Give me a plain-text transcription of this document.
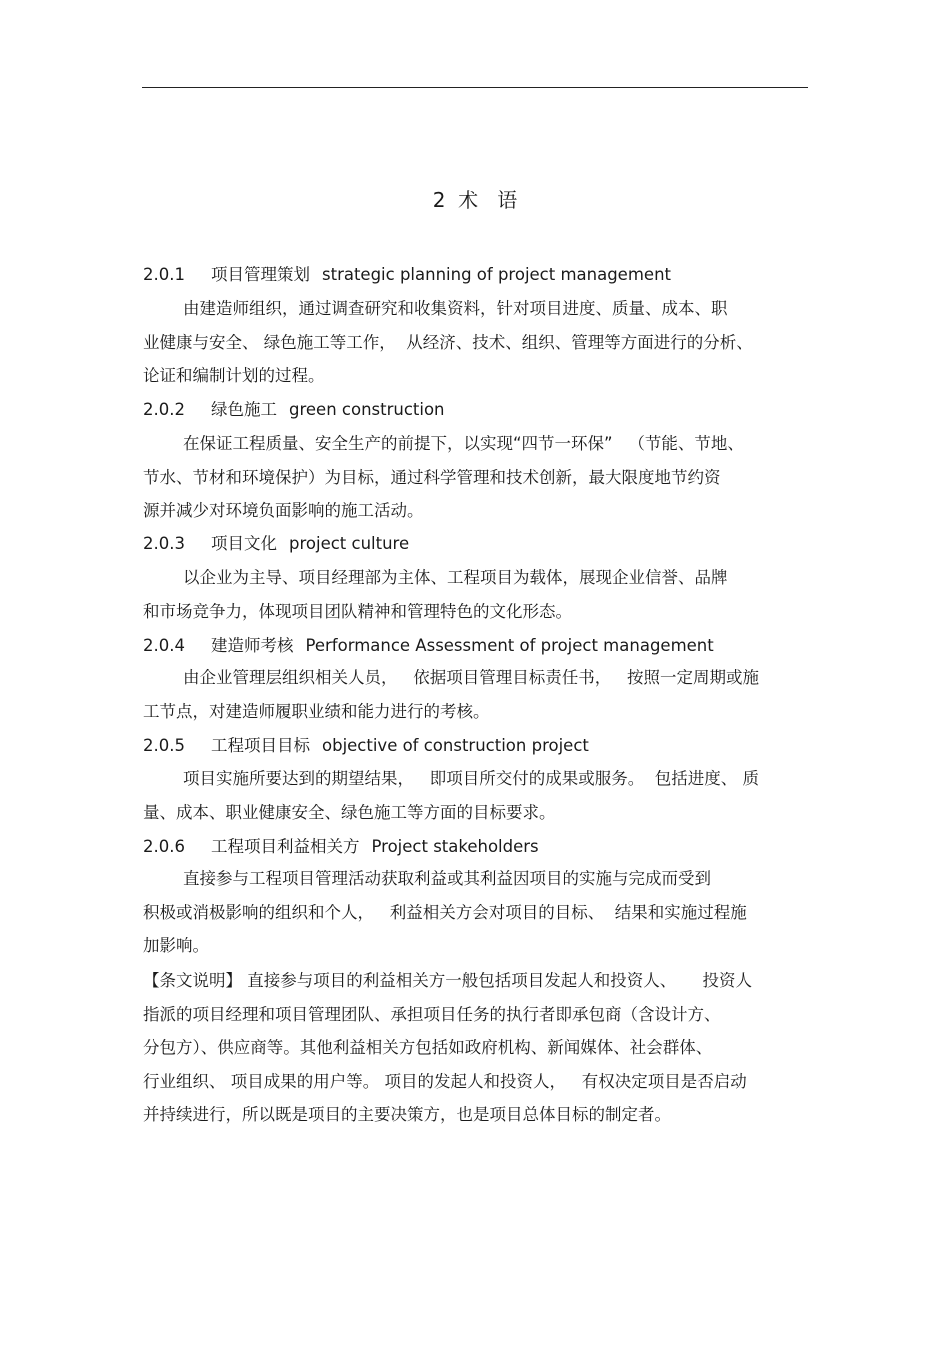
2  术   语
2.0.1 项目管理策划 strategic planning of project management
由建造师组织，通过调查研究和收集资料，针对项目进度、质量、成本、职
业健康与安全、 绿色施工等工作，  从经济、技术、组织、管理等方面进行的分析、
论证和编制计划的过程。
2.0.2 绿色施工 green construction
在保证工程质量、安全生产的前提下，以实现“四节一环保”   （节能、节地、
节水、节材和环境保护）为目标，通过科学管理和技术创新，最大限度地节约资
源并减少对环境负面影响的施工活动。
2.0.3 项目文化 project culture
以企业为主导、项目经理部为主体、工程项目为载体，展现企业信誉、品牌
和市场竞争力，体现项目团队精神和管理特色的文化形态。
2.0.4 建造师考核 Performance Assessment of project management
由企业管理层组织相关人员，   依据项目管理目标责任书，   按照一定周期或施
工节点，对建造师履职业绩和能力进行的考核。
2.0.5 工程项目目标 objective of construction project
项目实施所要达到的期望结果，   即项目所交付的成果或服务。  包括进度、 质
量、成本、职业健康安全、绿色施工等方面的目标要求。
2.0.6 工程项目利益相关方 Project stakeholders
直接参与工程项目管理活动获取利益或其利益因项目的实施与完成而受到
积极或消极影响的组织和个人，   利益相关方会对项目的目标、  结果和实施过程施
加影响。
【条文说明】 直接参与项目的利益相关方一般包括项目发起人和投资人、     投资人
指派的项目经理和项目管理团队、承担项目任务的执行者即承包商（含设计方、
分包方）、供应商等。其他利益相关方包括如政府机构、新闻媒体、社会群体、
行业组织、 项目成果的用户等。 项目的发起人和投资人，   有权决定项目是否启动
并持续进行，所以既是项目的主要决策方，也是项目总体目标的制定者。
